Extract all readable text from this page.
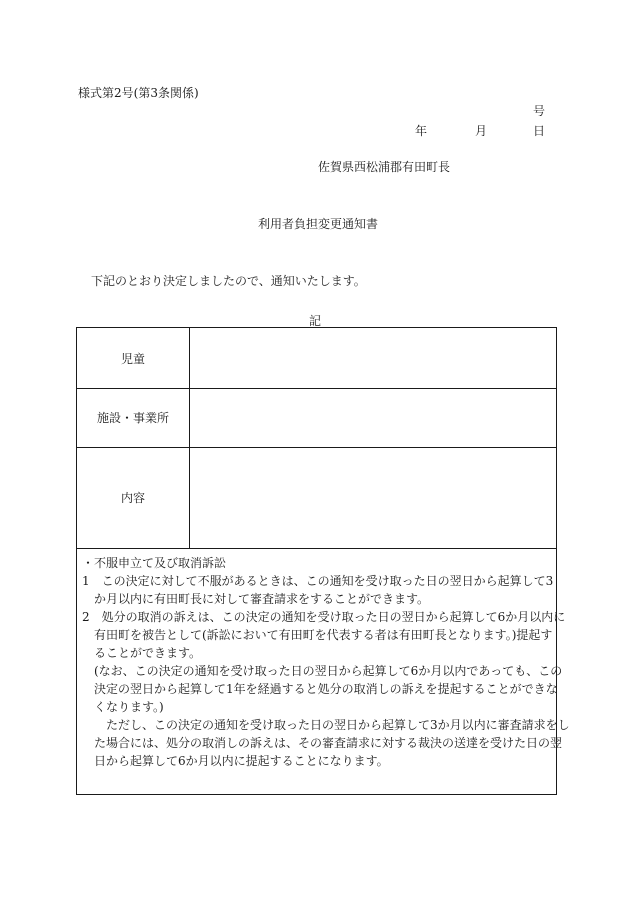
様式第2号(第3条関係)
号
年	月	日
佐賀県西松浦郡有田町長
利用者負担変更通知書
下記のとおり決定しましたので、通知いたします。
記
児童
施設・事業所
内容
・不服申立て及び取消訴訟
1　この決定に対して不服があるときは、この通知を受け取った日の翌日から起算して3
　か月以内に有田町長に対して審査請求をすることができます。
2　処分の取消の訴えは、この決定の通知を受け取った日の翌日から起算して6か月以内に
　有田町を被告として(訴訟において有田町を代表する者は有田町長となります。)提起す
　ることができます。
　(なお、この決定の通知を受け取った日の翌日から起算して6か月以内であっても、この
　決定の翌日から起算して1年を経過すると処分の取消しの訴えを提起することができな
　くなります。)
　　ただし、この決定の通知を受け取った日の翌日から起算して3か月以内に審査請求をし
　た場合には、処分の取消しの訴えは、その審査請求に対する裁決の送達を受けた日の翌
　日から起算して6か月以内に提起することになります。
